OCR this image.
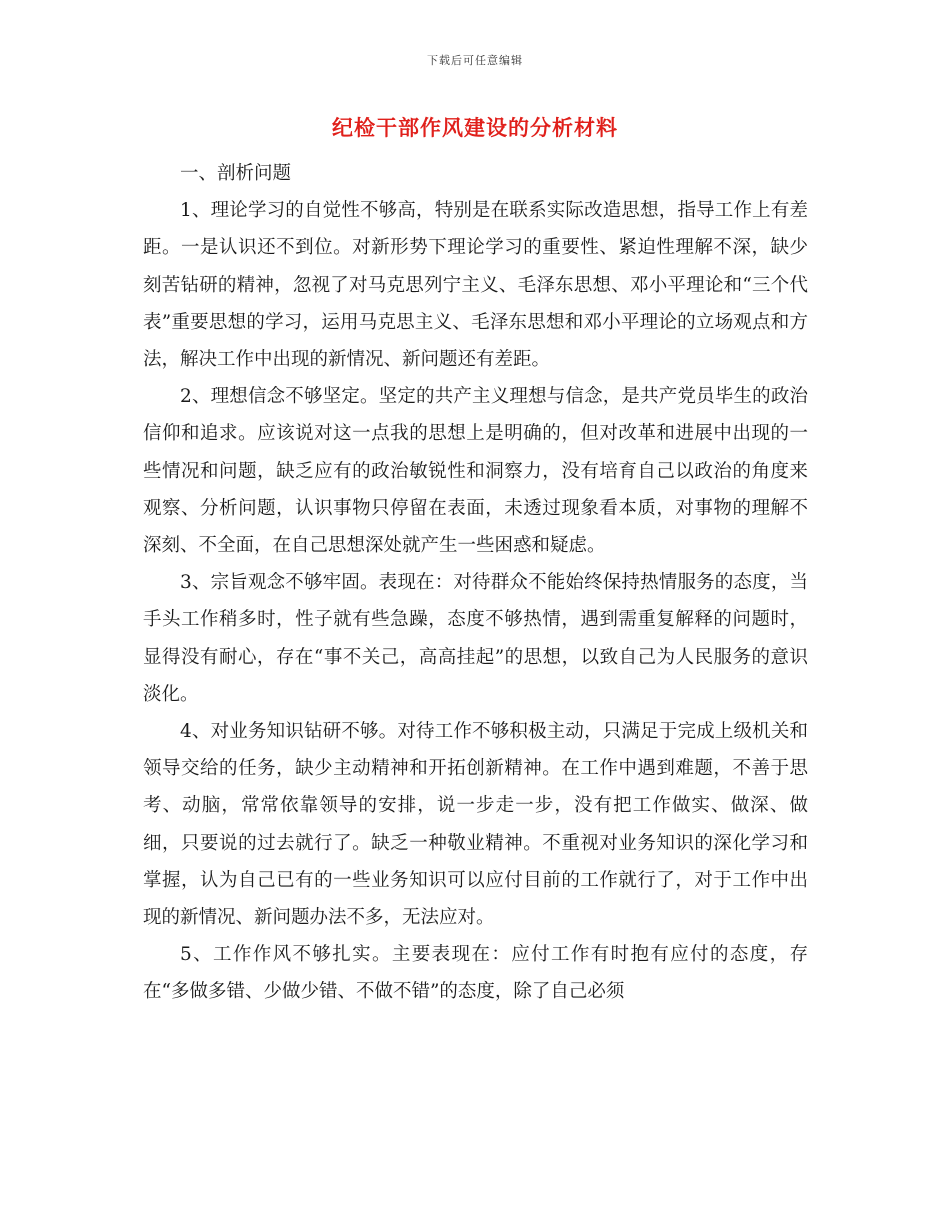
下载后可任意编辑
纪检干部作风建设的分析材料

一、剖析问题

1、理论学习的自觉性不够高，特别是在联系实际改造思想，指导工作上有差距。一是认识还不到位。对新形势下理论学习的重要性、紧迫性理解不深，缺少刻苦钻研的精神，忽视了对马克思列宁主义、毛泽东思想、邓小平理论和“三个代表”重要思想的学习，运用马克思主义、毛泽东思想和邓小平理论的立场观点和方法，解决工作中出现的新情况、新问题还有差距。

2、理想信念不够坚定。坚定的共产主义理想与信念，是共产党员毕生的政治信仰和追求。应该说对这一点我的思想上是明确的，但对改革和进展中出现的一些情况和问题，缺乏应有的政治敏锐性和洞察力，没有培育自己以政治的角度来观察、分析问题，认识事物只停留在表面，未透过现象看本质，对事物的理解不深刻、不全面，在自己思想深处就产生一些困惑和疑虑。

3、宗旨观念不够牢固。表现在：对待群众不能始终保持热情服务的态度，当手头工作稍多时，性子就有些急躁，态度不够热情，遇到需重复解释的问题时，显得没有耐心，存在“事不关己，高高挂起”的思想，以致自己为人民服务的意识淡化。

4、对业务知识钻研不够。对待工作不够积极主动，只满足于完成上级机关和领导交给的任务，缺少主动精神和开拓创新精神。在工作中遇到难题，不善于思考、动脑，常常依靠领导的安排，说一步走一步，没有把工作做实、做深、做细，只要说的过去就行了。缺乏一种敬业精神。不重视对业务知识的深化学习和掌握，认为自己已有的一些业务知识可以应付目前的工作就行了，对于工作中出现的新情况、新问题办法不多，无法应对。

5、工作作风不够扎实。主要表现在：应付工作有时抱有应付的态度，存在“多做多错、少做少错、不做不错”的态度，除了自己必须
